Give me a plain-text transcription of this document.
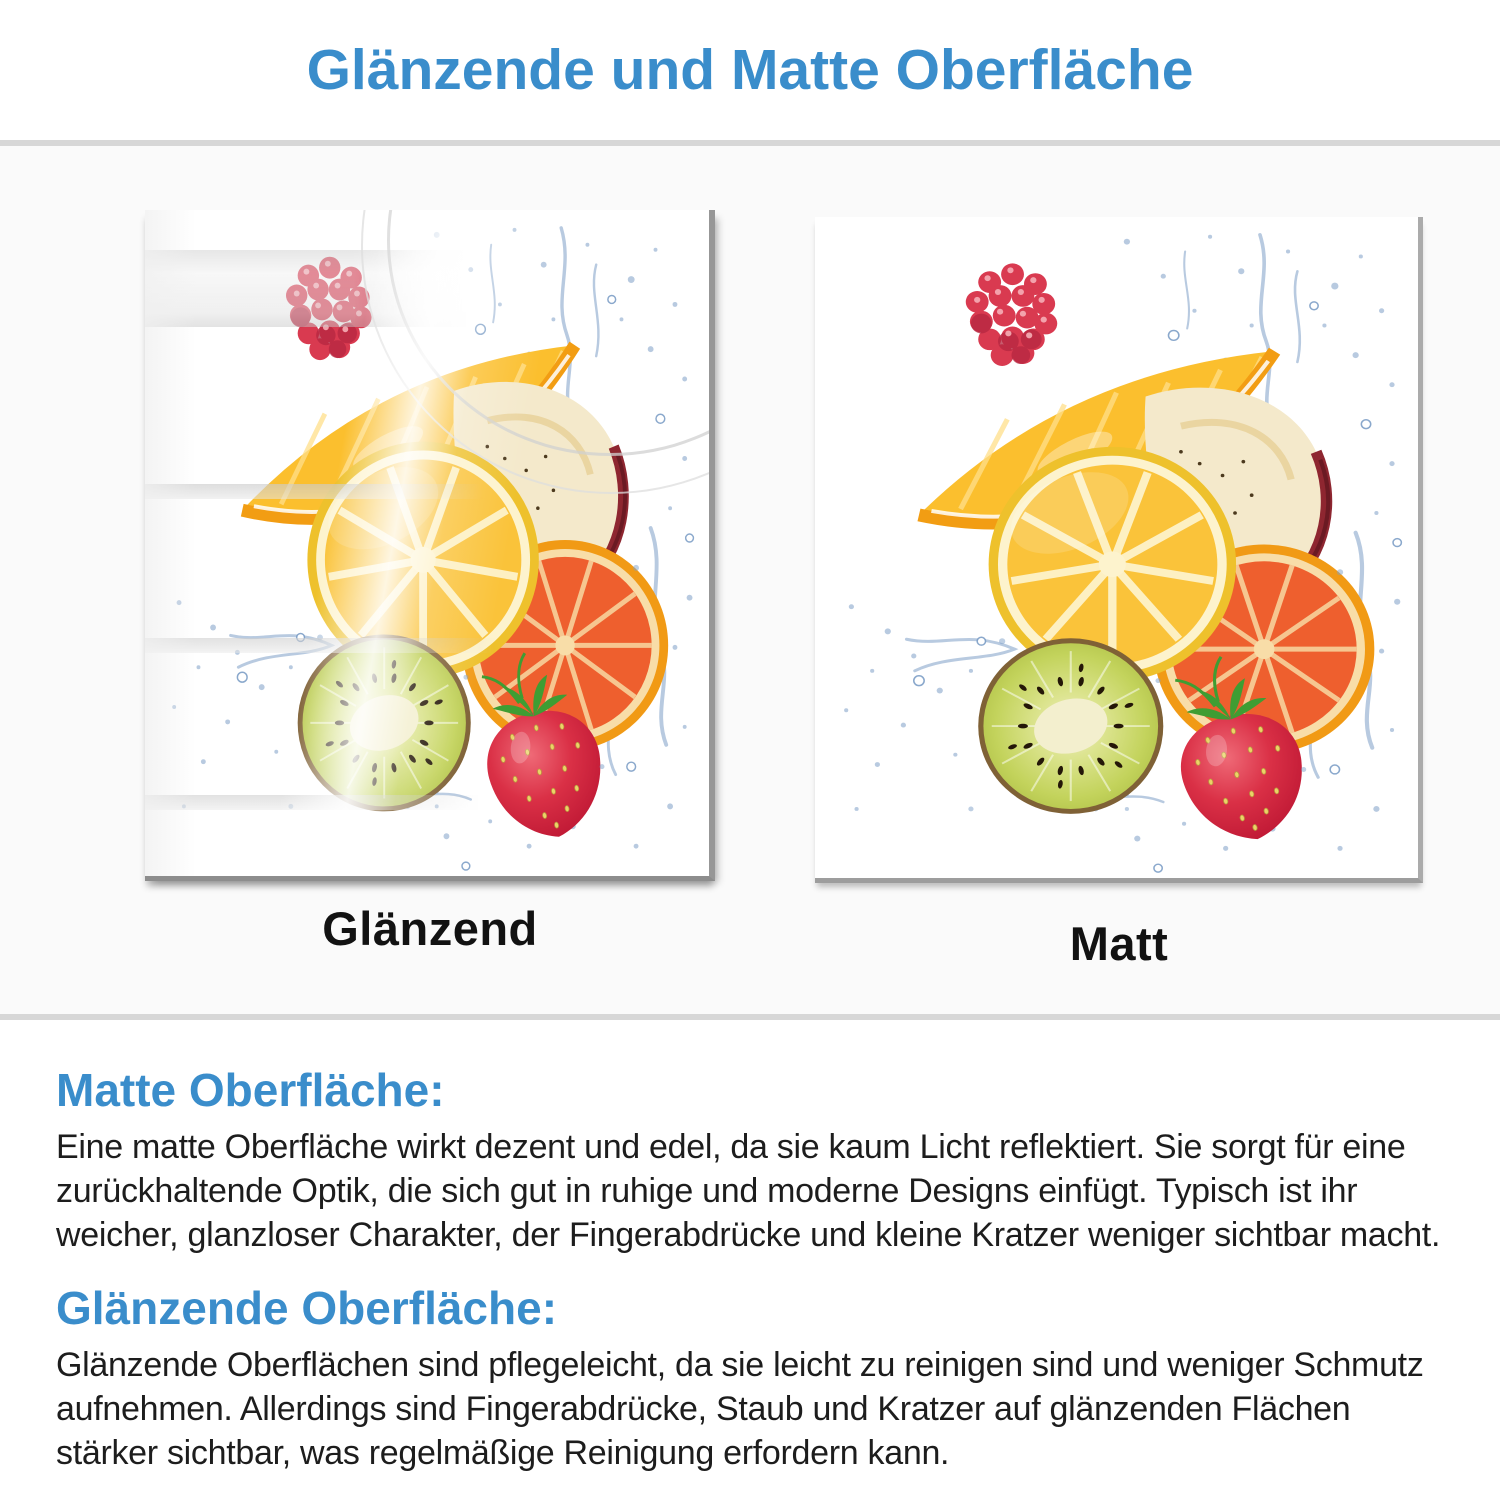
Glänzende und Matte Oberfläche
Glänzend	Matt
Matte Oberfläche:

Eine matte Oberfläche wirkt dezent und edel, da sie kaum Licht reflektiert. Sie sorgt für eine zurückhaltende Optik, die sich gut in ruhige und moderne Designs einfügt. Typisch ist ihr weicher, glanzloser Charakter, der Fingerabdrücke und kleine Kratzer weniger sichtbar macht.

Glänzende Oberfläche:

Glänzende Oberflächen sind pflegeleicht, da sie leicht zu reinigen sind und weniger Schmutz aufnehmen. Allerdings sind Fingerabdrücke, Staub und Kratzer auf glänzenden Flächen stärker sichtbar, was regelmäßige Reinigung erfordern kann.
